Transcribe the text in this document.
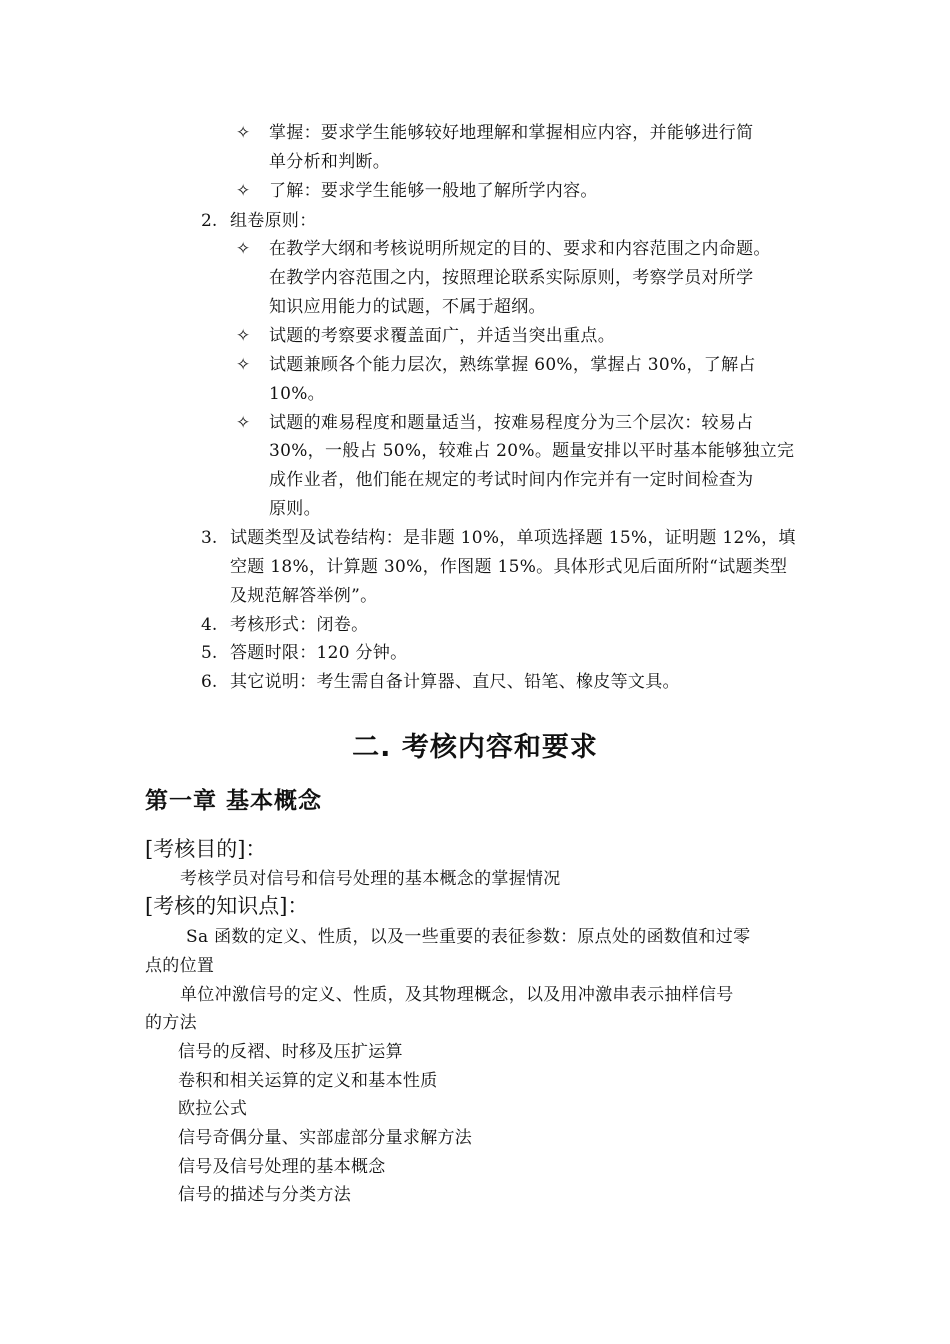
✧ 掌握：要求学生能够较好地理解和掌握相应内容，并能够进行简
单分析和判断。
✧ 了解：要求学生能够一般地了解所学内容。
2. 组卷原则：
✧ 在教学大纲和考核说明所规定的目的、要求和内容范围之内命题。
在教学内容范围之内，按照理论联系实际原则，考察学员对所学
知识应用能力的试题，不属于超纲。
✧ 试题的考察要求覆盖面广，并适当突出重点。
✧ 试题兼顾各个能力层次，熟练掌握 60%，掌握占 30%，了解占
10%。
✧ 试题的难易程度和题量适当，按难易程度分为三个层次：较易占
30%，一般占 50%，较难占 20%。题量安排以平时基本能够独立完
成作业者，他们能在规定的考试时间内作完并有一定时间检查为
原则。
3. 试题类型及试卷结构：是非题 10%，单项选择题 15%，证明题 12%，填
空题 18%，计算题 30%，作图题 15%。具体形式见后面所附“试题类型
及规范解答举例”。
4. 考核形式：闭卷。
5. 答题时限：120 分钟。
6. 其它说明：考生需自备计算器、直尺、铅笔、橡皮等文具。
二. 考核内容和要求
第一章 基本概念
[考核目的]：
考核学员对信号和信号处理的基本概念的掌握情况
[考核的知识点]：
Sa 函数的定义、性质，以及一些重要的表征参数：原点处的函数值和过零
点的位置
单位冲激信号的定义、性质，及其物理概念，以及用冲激串表示抽样信号
的方法
信号的反褶、时移及压扩运算
卷积和相关运算的定义和基本性质
欧拉公式
信号奇偶分量、实部虚部分量求解方法
信号及信号处理的基本概念
信号的描述与分类方法
